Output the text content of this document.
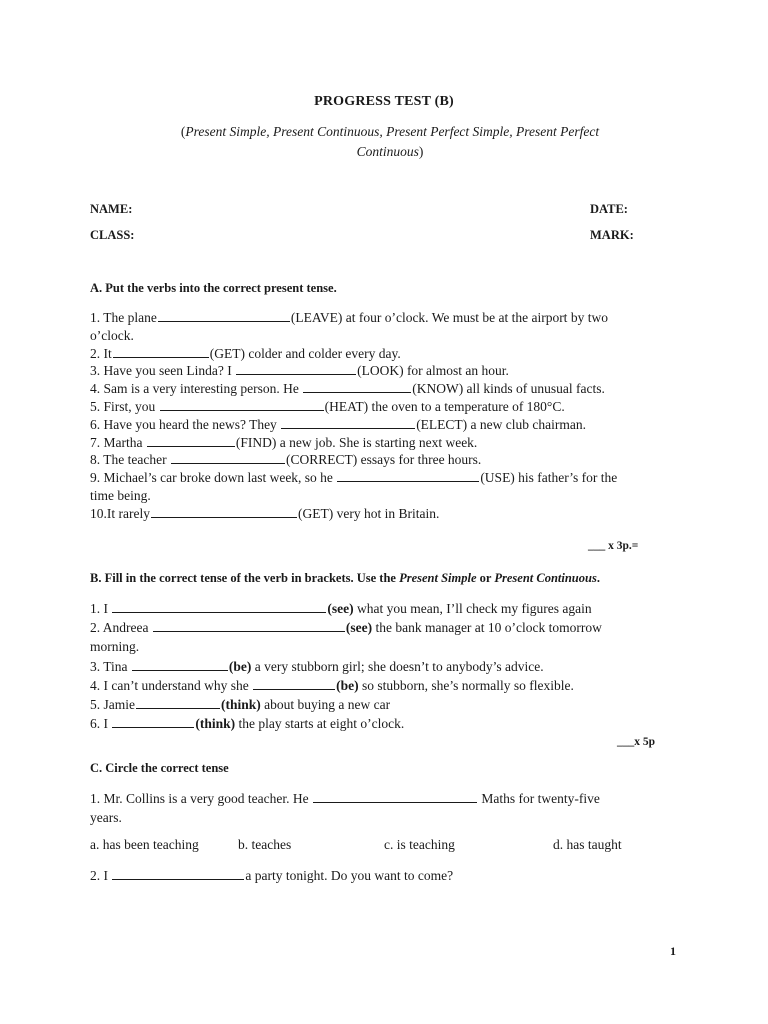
PROGRESS TEST (B)
(Present Simple, Present Continuous, Present Perfect Simple, Present Perfect
Continuous)
NAME:	DATE:
CLASS:	MARK:
A. Put the verbs into the correct present tense.
1. The plane	(LEAVE) at four o’clock. We must be at the airport by two
o’clock.
2. It	(GET) colder and colder every day.
3. Have you seen Linda? I	(LOOK) for almost an hour.
4. Sam is a very interesting person. He	(KNOW) all kinds of unusual facts.
5. First, you	(HEAT) the oven to a temperature of 180°C.
6. Have you heard the news? They	(ELECT) a new club chairman.
7. Martha	(FIND) a new job. She is starting next week.
8. The teacher	(CORRECT) essays for three hours.
9. Michael’s car broke down last week, so he	(USE) his father’s for the
time being.
10.It rarely	(GET) very hot in Britain.
___ x 3p.=
B. Fill in the correct tense of the verb in brackets. Use the Present Simple or Present Continuous.
1. I	(see) what you mean, I’ll check my figures again
2. Andreea	(see) the bank manager at 10 o’clock tomorrow
morning.
3. Tina	(be) a very stubborn girl; she doesn’t to anybody’s advice.
4. I can’t understand why she	(be) so stubborn, she’s normally so flexible.
5. Jamie	(think) about buying a new car
6. I	(think) the play starts at eight o’clock.
___x 5p
C. Circle the correct tense
1. Mr. Collins is a very good teacher. He	Maths for twenty-five
years.
a. has been teaching	b. teaches	c. is teaching	d. has taught
2. I	a party tonight. Do you want to come?
1
